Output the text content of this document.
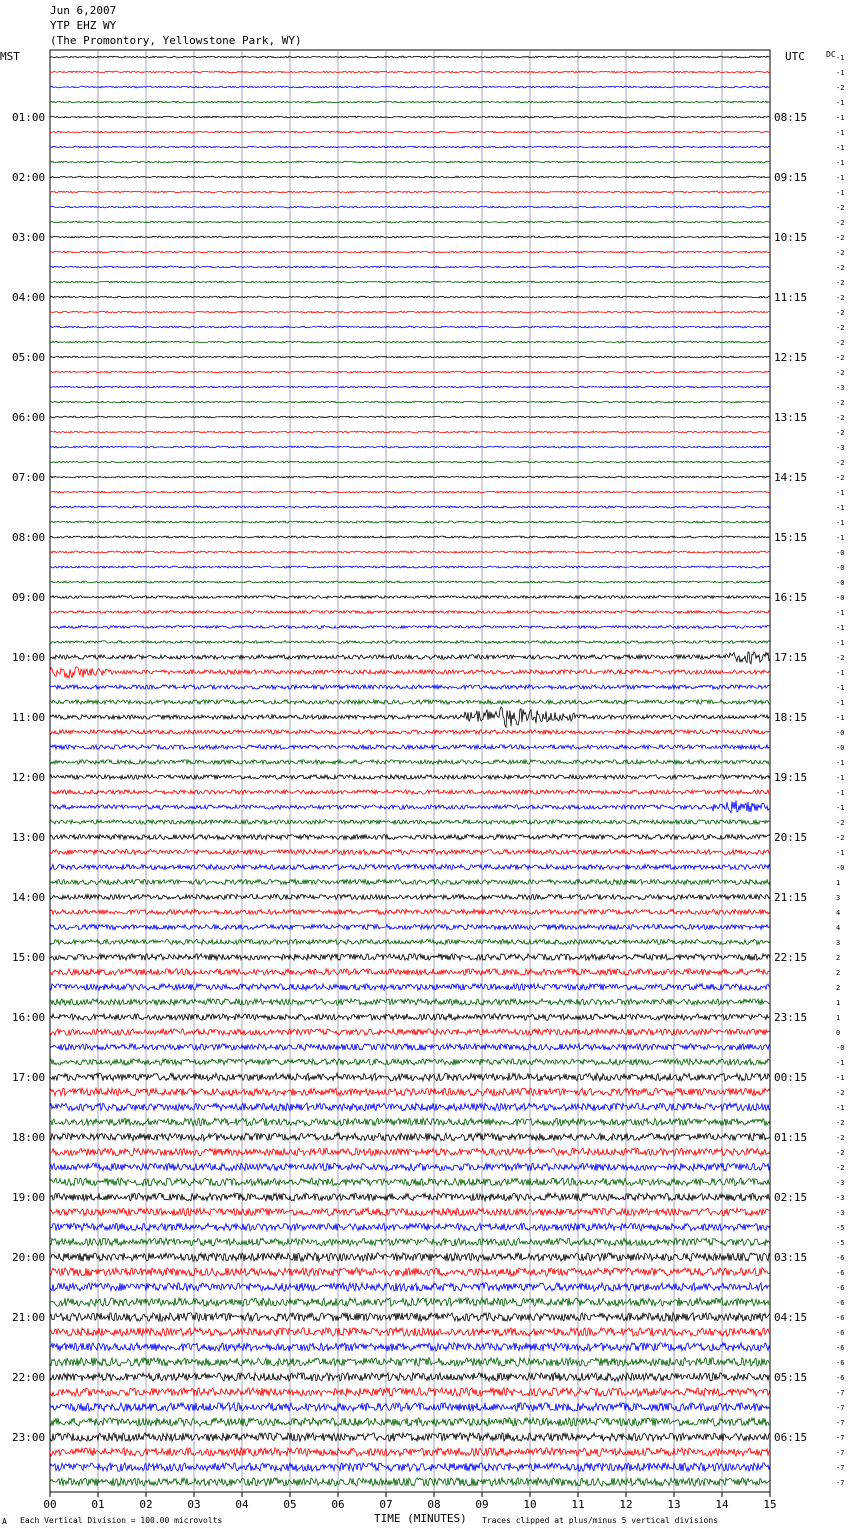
Jun 6,2007
YTP EHZ WY
(The Promontory, Yellowstone Park, WY)
MST	UTC	DC -1
-1
-2
-1
-1
-1
-1
-1
-1
-1
-2
-2
-2
-2
-2
-2
-2
-2
-2
-2
-2
-2
-3
-2
-2
-2
-3
-2
-2
-1
-1
-1
-1
-0
-0
-0
-0
-1
-1
-1
-2
-1
-1
-1
-1
-0
-0
-1
-1
-1
-1
-2
-2
-1
-0
1
3
4
4
3
2
2
2
1
1
0
-0
-1
-1
-2
-1
-2
-2
-2
-2
-3
-3
-3
-5
-5
-6
-6
-6
-6
-6
-6
-6
-6
-6
-7
-7
-7
-7
-7
-7
-7
01:00	08:15
02:00	09:15
03:00	10:15
04:00	11:15
05:00	12:15
06:00	13:15
07:00	14:15
08:00	15:15
09:00	16:15
10:00	17:15
11:00	18:15
12:00	19:15
13:00	20:15
14:00	21:15
15:00	22:15
16:00	23:15
17:00	00:15
18:00	01:15
19:00	02:15
20:00	03:15
21:00	04:15
22:00	05:15
23:00	06:15
00	01	02	03	04	05	06	07	08	09	10	11	12	13	14	15
A Each Vertical Division = 100.00 microvolts	TIME (MINUTES) Traces clipped at plus/minus 5 vertical divisions
